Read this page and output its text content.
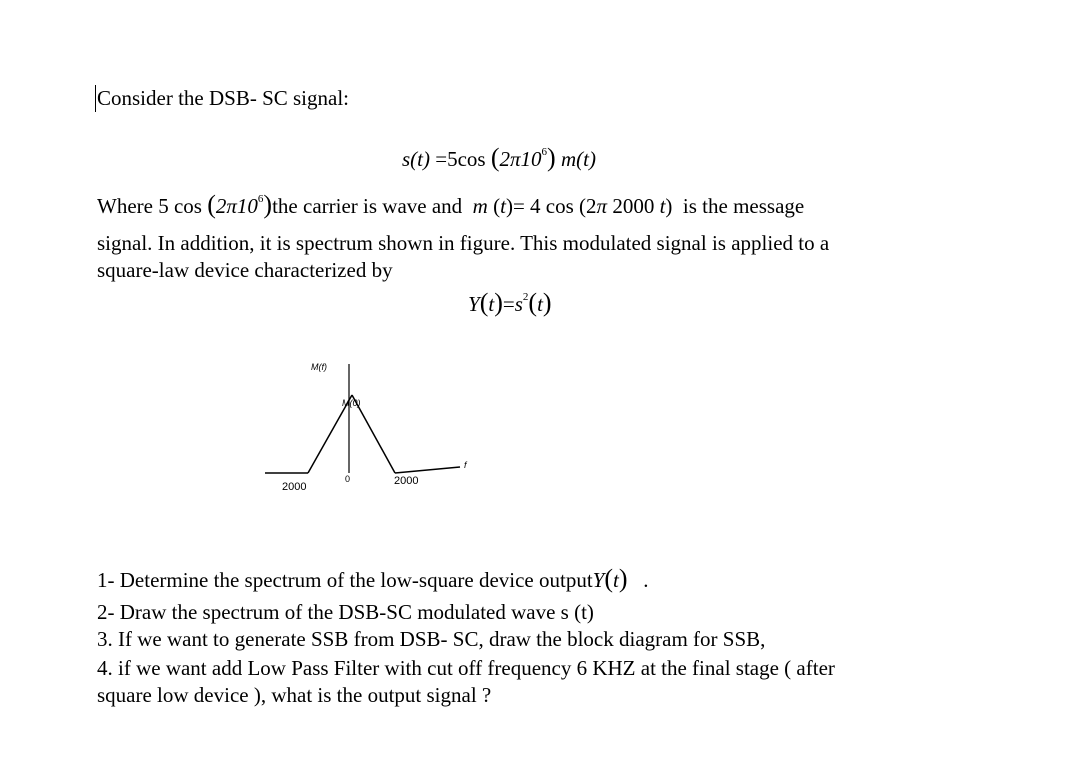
Consider the DSB- SC signal:
s(t) =5cos $(2\pi 10^6)$ m(t)
Where 5 $\cos (2\pi 10^6)the$ carrier is wave and m (t)= 4 cos (2π 2000 t) is the message
signal. In addition, it is spectrum shown in figure. This modulated signal is applied to a
square-law device characterized by
$Y(t)=s^2(t)$
M(f)
M(0)
2000
0	2000
f
1- Determine the spectrum of the low-square device outputY(t) .
2- Draw the spectrum of the DSB-SC modulated wave s (t)
3. If we want to generate SSB from DSB- SC, draw the block diagram for SSB,
4. if we want add Low Pass Filter with cut off frequency 6 KHZ at the final stage ( after
square low device ), what is the output signal ?
